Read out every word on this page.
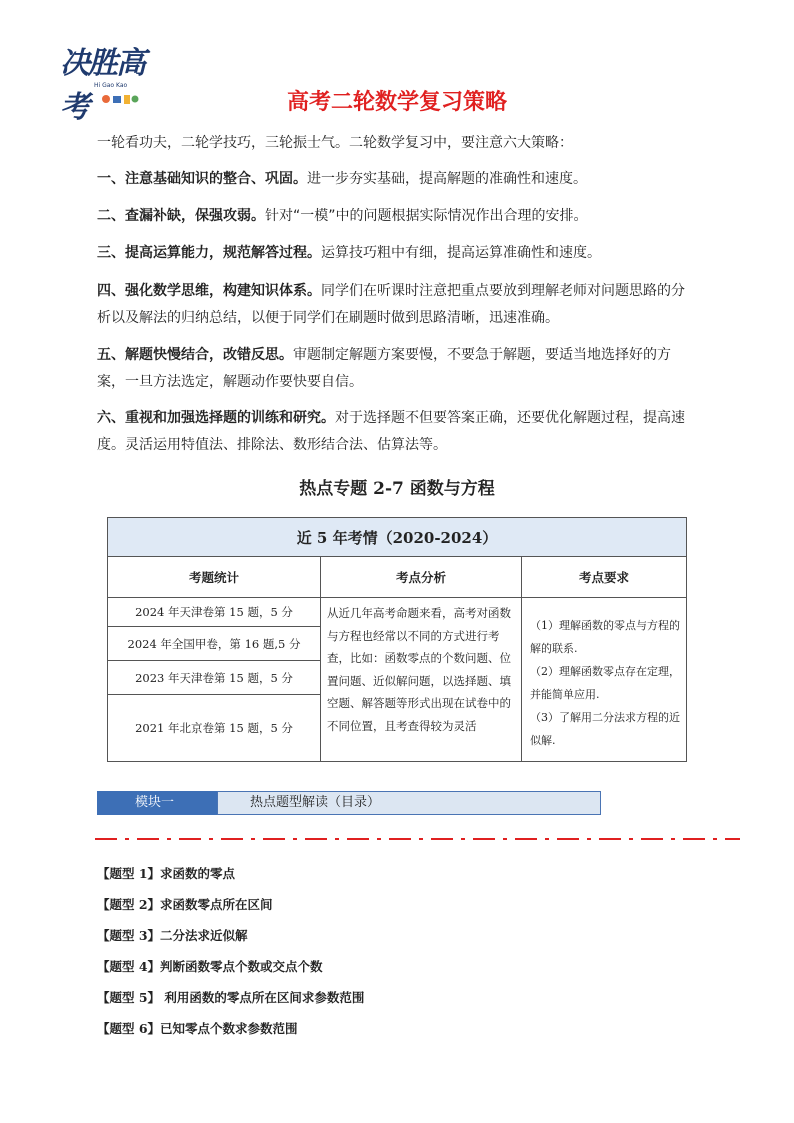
决胜高考
Hi Gao Kao
高考二轮数学复习策略
一轮看功夫，二轮学技巧，三轮振士气。二轮数学复习中，要注意六大策略：
一、注意基础知识的整合、巩固。进一步夯实基础，提高解题的准确性和速度。
二、查漏补缺，保强攻弱。针对“一模”中的问题根据实际情况作出合理的安排。
三、提高运算能力，规范解答过程。运算技巧粗中有细，提高运算准确性和速度。
四、强化数学思维，构建知识体系。同学们在听课时注意把重点要放到理解老师对问题思路的分析以及解法的归纳总结，以便于同学们在刷题时做到思路清晰，迅速准确。
五、解题快慢结合，改错反思。审题制定解题方案要慢，不要急于解题，要适当地选择好的方案，一旦方法选定，解题动作要快要自信。
六、重视和加强选择题的训练和研究。对于选择题不但要答案正确，还要优化解题过程，提高速度。灵活运用特值法、排除法、数形结合法、估算法等。
热点专题 2-7 函数与方程
近 5 年考情（2020-2024）		
考题统计	考点分析	考点要求
2024 年天津卷第 15 题，5 分	从近几年高考命题来看，高考对函数与方程也经常以不同的方式进行考查，比如：函数零点的个数问题、位置问题、近似解问题，以选择题、填空题、解答题等形式出现在试卷中的不同位置，且考查得较为灵活	（1）理解函数的零点与方程的解的联系.
（2）理解函数零点存在定理，并能简单应用.
（3）了解用二分法求方程的近似解.

2024 年全国甲卷，第 16 题,5 分		
2023 年天津卷第 15 题，5 分		
2021 年北京卷第 15 题，5 分		
模块一	热点题型解读（目录）
【题型 1】求函数的零点
【题型 2】求函数零点所在区间
【题型 3】二分法求近似解
【题型 4】判断函数零点个数或交点个数
【题型 5】 利用函数的零点所在区间求参数范围
【题型 6】已知零点个数求参数范围
